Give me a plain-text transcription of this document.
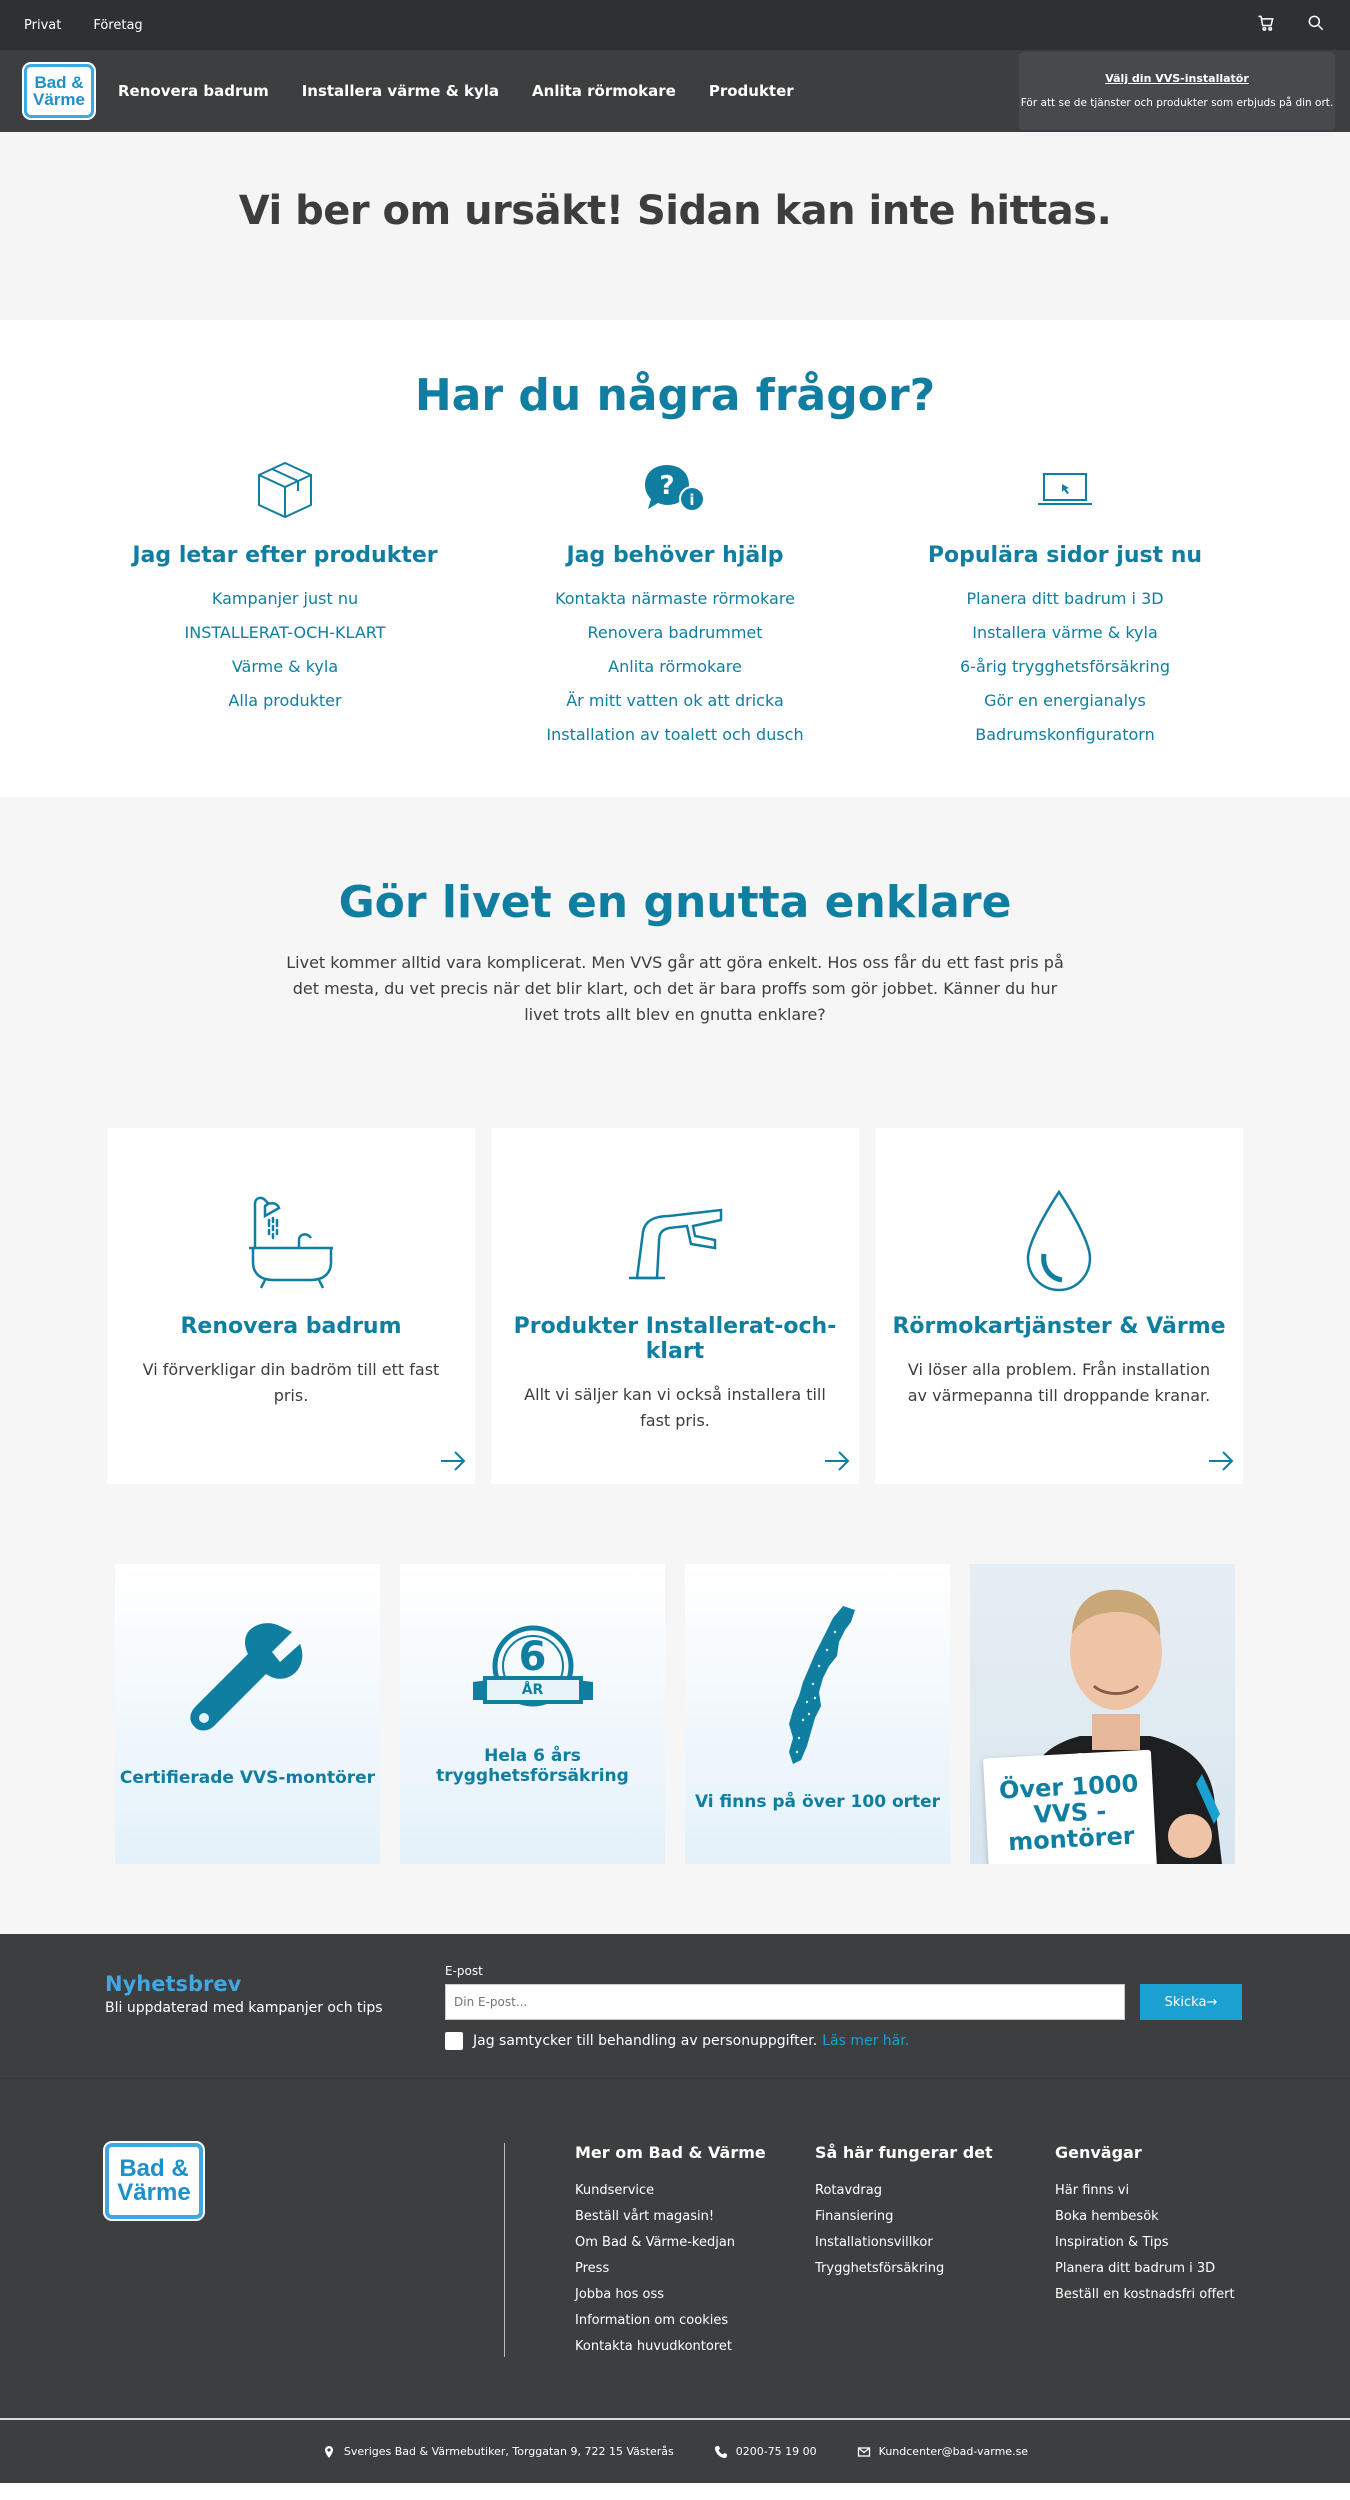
Privat Företag
Bad &
Värme Renovera badrum Installera värme & kyla Anlita rörmokare Produkter
Välj din VVS-installatör
För att se de tjänster och produkter som erbjuds på din ort.
Vi ber om ursäkt! Sidan kan inte hittas.
Har du några frågor?
Jag letar efter produkter
Kampanjer just nu
INSTALLERAT-OCH-KLART
Värme & kyla
Alla produkter
? i
Jag behöver hjälp
Kontakta närmaste rörmokare
Renovera badrummet
Anlita rörmokare
Är mitt vatten ok att dricka
Installation av toalett och dusch
Populära sidor just nu
Planera ditt badrum i 3D
Installera värme & kyla
6-årig trygghetsförsäkring
Gör en energianalys
Badrumskonfiguratorn
Gör livet en gnutta enklare

Livet kommer alltid vara komplicerat. Men VVS går att göra enkelt. Hos oss får du ett fast pris på det mesta, du vet precis när det blir klart, och det är bara proffs som gör jobbet. Känner du hur livet trots allt blev en gnutta enklare?

Renovera badrum

Vi förverkligar din badröm till ett fast pris.

Produkter Installerat-och-klart

Allt vi säljer kan vi också installera till fast pris.

Rörmokartjänster & Värme

Vi löser alla problem. Från installation av värmepanna till droppande kranar.

Certifierade VVS-montörer
6
ÅR
Hela 6 års trygghetsförsäkring
Vi finns på över 100 orter Över 1000
VVS -
montörer
Nyhetsbrev

Bli uppdaterad med kampanjer och tips

E-post
Din E-post...
Skicka→
Jag samtycker till behandling av personuppgifter. Läs mer här.
Bad &
Värme
Mer om Bad & Värme
Kundservice
Beställ vårt magasin!
Om Bad & Värme-kedjan
Press
Jobba hos oss
Information om cookies
Kontakta huvudkontoret
Så här fungerar det
Rotavdrag
Finansiering
Installationsvillkor
Trygghetsförsäkring
Genvägar
Här finns vi
Boka hembesök
Inspiration & Tips
Planera ditt badrum i 3D
Beställ en kostnadsfri offert
Sveriges Bad & Värmebutiker, Torggatan 9, 722 15 Västerås	0200-75 19 00	Kundcenter@bad-varme.se
